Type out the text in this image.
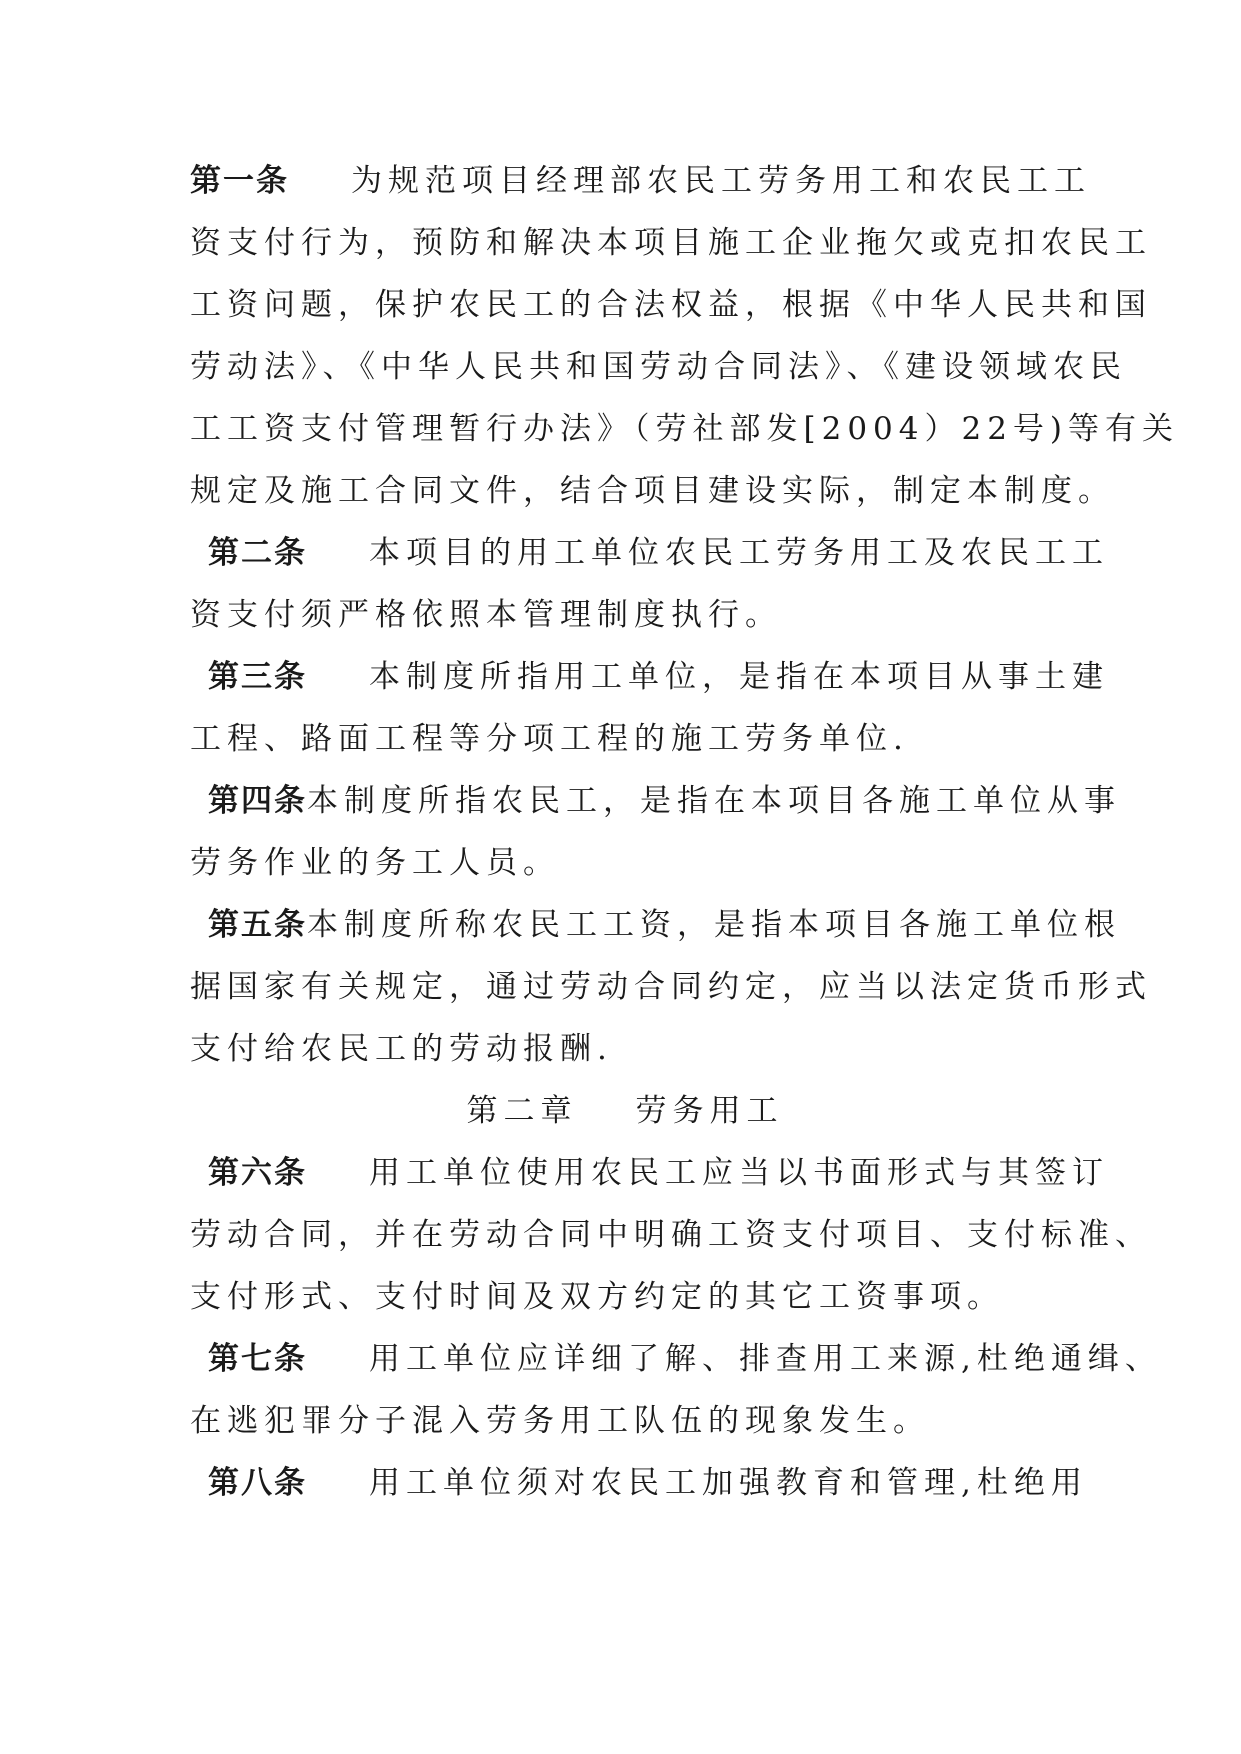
第一条 为规范项目经理部农民工劳务用工和农民工工
资支付行为，预防和解决本项目施工企业拖欠或克扣农民工
工资问题，保护农民工的合法权益，根据《中华人民共和国
劳动法》、《中华人民共和国劳动合同法》、《建设领域农民
工工资支付管理暂行办法》（劳社部发[2004）22号)等有关
规定及施工合同文件，结合项目建设实际，制定本制度。
第二条 本项目的用工单位农民工劳务用工及农民工工
资支付须严格依照本管理制度执行。
第三条 本制度所指用工单位，是指在本项目从事土建
工程、路面工程等分项工程的施工劳务单位.
第四条本制度所指农民工，是指在本项目各施工单位从事
劳务作业的务工人员。
第五条本制度所称农民工工资，是指本项目各施工单位根
据国家有关规定，通过劳动合同约定，应当以法定货币形式
支付给农民工的劳动报酬.
第二章 劳务用工
第六条 用工单位使用农民工应当以书面形式与其签订
劳动合同，并在劳动合同中明确工资支付项目、支付标准、
支付形式、支付时间及双方约定的其它工资事项。
第七条 用工单位应详细了解、排查用工来源,杜绝通缉、
在逃犯罪分子混入劳务用工队伍的现象发生。
第八条 用工单位须对农民工加强教育和管理,杜绝用
